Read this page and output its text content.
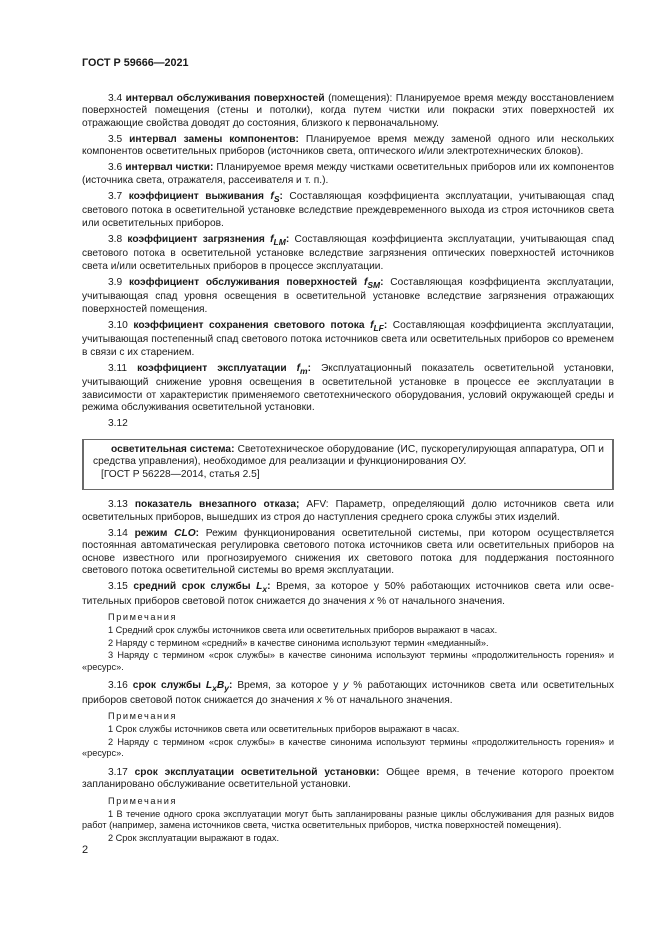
ГОСТ Р 59666—2021

3.4 интервал обслуживания поверхностей (помещения): Планируемое время между восстановлением поверхностей помещения (стены и потолки), когда путем чистки или покраски этих поверхностей их отражающие свойства доводят до состояния, близкого к первоначальному.

3.5 интервал замены компонентов: Планируемое время между заменой одного или нескольких компонентов осветительных приборов (источников света, оптического и/или электротехнических блоков).

3.6 интервал чистки: Планируемое время между чистками осветительных приборов или их компонентов (источника света, отражателя, рассеивателя и т. п.).

3.7 коэффициент выживания $f_S$: Составляющая коэффициента эксплуатации, учитывающая спад светового потока в осветительной установке вследствие преждевременного выхода из строя источников света или осветительных приборов.

3.8 коэффициент загрязнения $f_{LM}$: Составляющая коэффициента эксплуатации, учитывающая спад светового потока в осветительной установке вследствие загрязнения оптических поверхностей источников света и/или осветительных приборов в процессе эксплуатации.

3.9 коэффициент обслуживания поверхностей $f_{SM}$: Составляющая коэффициента эксплуатации, учитывающая спад уровня освещения в осветительной установке вследствие загрязнения отражающих поверхностей помещения.

3.10 коэффициент сохранения светового потока $f_{LF}$: Составляющая коэффициента эксплуатации, учитывающая постепенный спад светового потока источников света или осветительных приборов со временем в связи с их старением.

3.11 коэффициент эксплуатации $f_m$: Эксплуатационный показатель осветительной установки, учитывающий снижение уровня освещения в осветительной установке в процессе ее эксплуатации в зависимости от характеристик применяемого светотехнического оборудования, условий окружающей среды и режима обслуживания осветительной установки.

3.12

осветительная система: Светотехническое оборудование (ИС, пускорегулирующая аппаратура, ОП и средства управления), необходимое для реализации и функционирования ОУ.

[ГОСТ Р 56228—2014, статья 2.5]

3.13 показатель внезапного отказа; AFV: Параметр, определяющий долю источников света или осветительных приборов, вышедших из строя до наступления среднего срока службы этих изделий.

3.14 режим CLO: Режим функционирования осветительной системы, при котором осуществляется постоянная автоматическая регулировка светового потока источников света или осветительных приборов на основе известного или прогнозируемого снижения их светового потока для поддержания постоянного светового потока осветительной системы во время эксплуатации.

3.15 средний срок службы $L_x$: Время, за которое у 50% работающих источников света или осветительных приборов световой поток снижается до значения x % от начального значения.

Примечания
1 Средний срок службы источников света или осветительных приборов выражают в часах.
2 Наряду с термином «средний» в качестве синонима используют термин «медианный».
3 Наряду с термином «срок службы» в качестве синонима используют термины «продолжительность горения» и «ресурс».

3.16 срок службы $L_xB_y$: Время, за которое у y % работающих источников света или осветительных приборов световой поток снижается до значения x % от начального значения.

Примечания
1 Срок службы источников света или осветительных приборов выражают в часах.
2 Наряду с термином «срок службы» в качестве синонима используют термины «продолжительность горения» и «ресурс».

3.17 срок эксплуатации осветительной установки: Общее время, в течение которого проектом запланировано обслуживание осветительной установки.

Примечания
1 В течение одного срока эксплуатации могут быть запланированы разные циклы обслуживания для разных видов работ (например, замена источников света, чистка осветительных приборов, чистка поверхностей помещения).
2 Срок эксплуатации выражают в годах.
2
